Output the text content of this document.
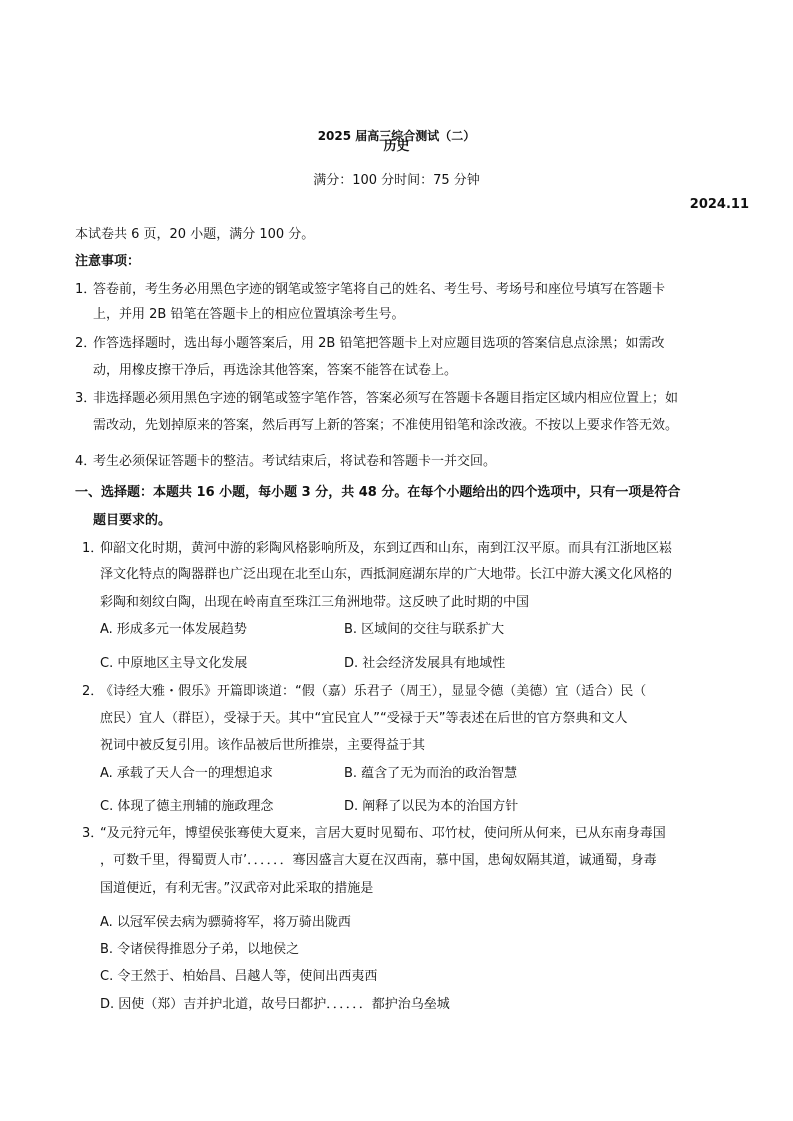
2025 届高三综合测试（二）
历史
满分：100 分时间：75 分钟
2024.11
本试卷共 6 页，20 小题，满分 100 分。
注意事项：
1．
答卷前，考生务必用黑色字迹的钢笔或签字笔将自己的姓名、考生号、考场号和座位号填写在答题卡
上，并用 2B 铅笔在答题卡上的相应位置填涂考生号。
2．
作答选择题时，选出每小题答案后，用 2B 铅笔把答题卡上对应题目选项的答案信息点涂黑；如需改
动，用橡皮擦干净后，再选涂其他答案，答案不能答在试卷上。
3．
非选择题必须用黑色字迹的钢笔或签字笔作答，答案必须写在答题卡各题目指定区域内相应位置上；如
需改动，先划掉原来的答案，然后再写上新的答案；不准使用铅笔和涂改液。不按以上要求作答无效。
4．
考生必须保证答题卡的整洁。考试结束后，将试卷和答题卡一并交回。
一、选择题：本题共 16 小题，每小题 3 分，共 48 分。在每个小题给出的四个选项中，只有一项是符合
题目要求的。
1．
仰韶文化时期，黄河中游的彩陶风格影响所及，东到辽西和山东，南到江汉平原。而具有江浙地区崧
泽文化特点的陶器群也广泛出现在北至山东，西抵洞庭湖东岸的广大地带。长江中游大溪文化风格的
彩陶和刻纹白陶，出现在岭南直至珠江三角洲地带。这反映了此时期的中国
A. 形成多元一体发展趋势	B. 区域间的交往与联系扩大
C. 中原地区主导文化发展	D. 社会经济发展具有地域性
2．
《诗经大雅・假乐》开篇即谈道：“假（嘉）乐君子（周王），显显令德（美德）宜（适合）民（
庶民）宜人（群臣），受禄于天。其中“宜民宜人”“受禄于天”等表述在后世的官方祭典和文人
祝词中被反复引用。该作品被后世所推崇，主要得益于其
A. 承载了天人合一的理想追求	B. 蕴含了无为而治的政治智慧
C. 体现了德主刑辅的施政理念	D. 阐释了以民为本的治国方针
3．
“及元狩元年，博望侯张骞使大夏来，言居大夏时见蜀布、邛竹杖，使问所从何来，已从东南身毒国
，可数千里，得蜀贾人市’．．．．．．骞因盛言大夏在汉西南，慕中国，患匈奴隔其道，诚通蜀，身毒
国道便近，有利无害。”汉武帝对此采取的措施是
A. 以冠军侯去病为骠骑将军，将万骑出陇西
B. 令诸侯得推恩分子弟，以地侯之
C. 令王然于、柏始昌、吕越人等，使间出西夷西
D. 因使（郑）吉并护北道，故号曰都护．．．．．．都护治乌垒城
